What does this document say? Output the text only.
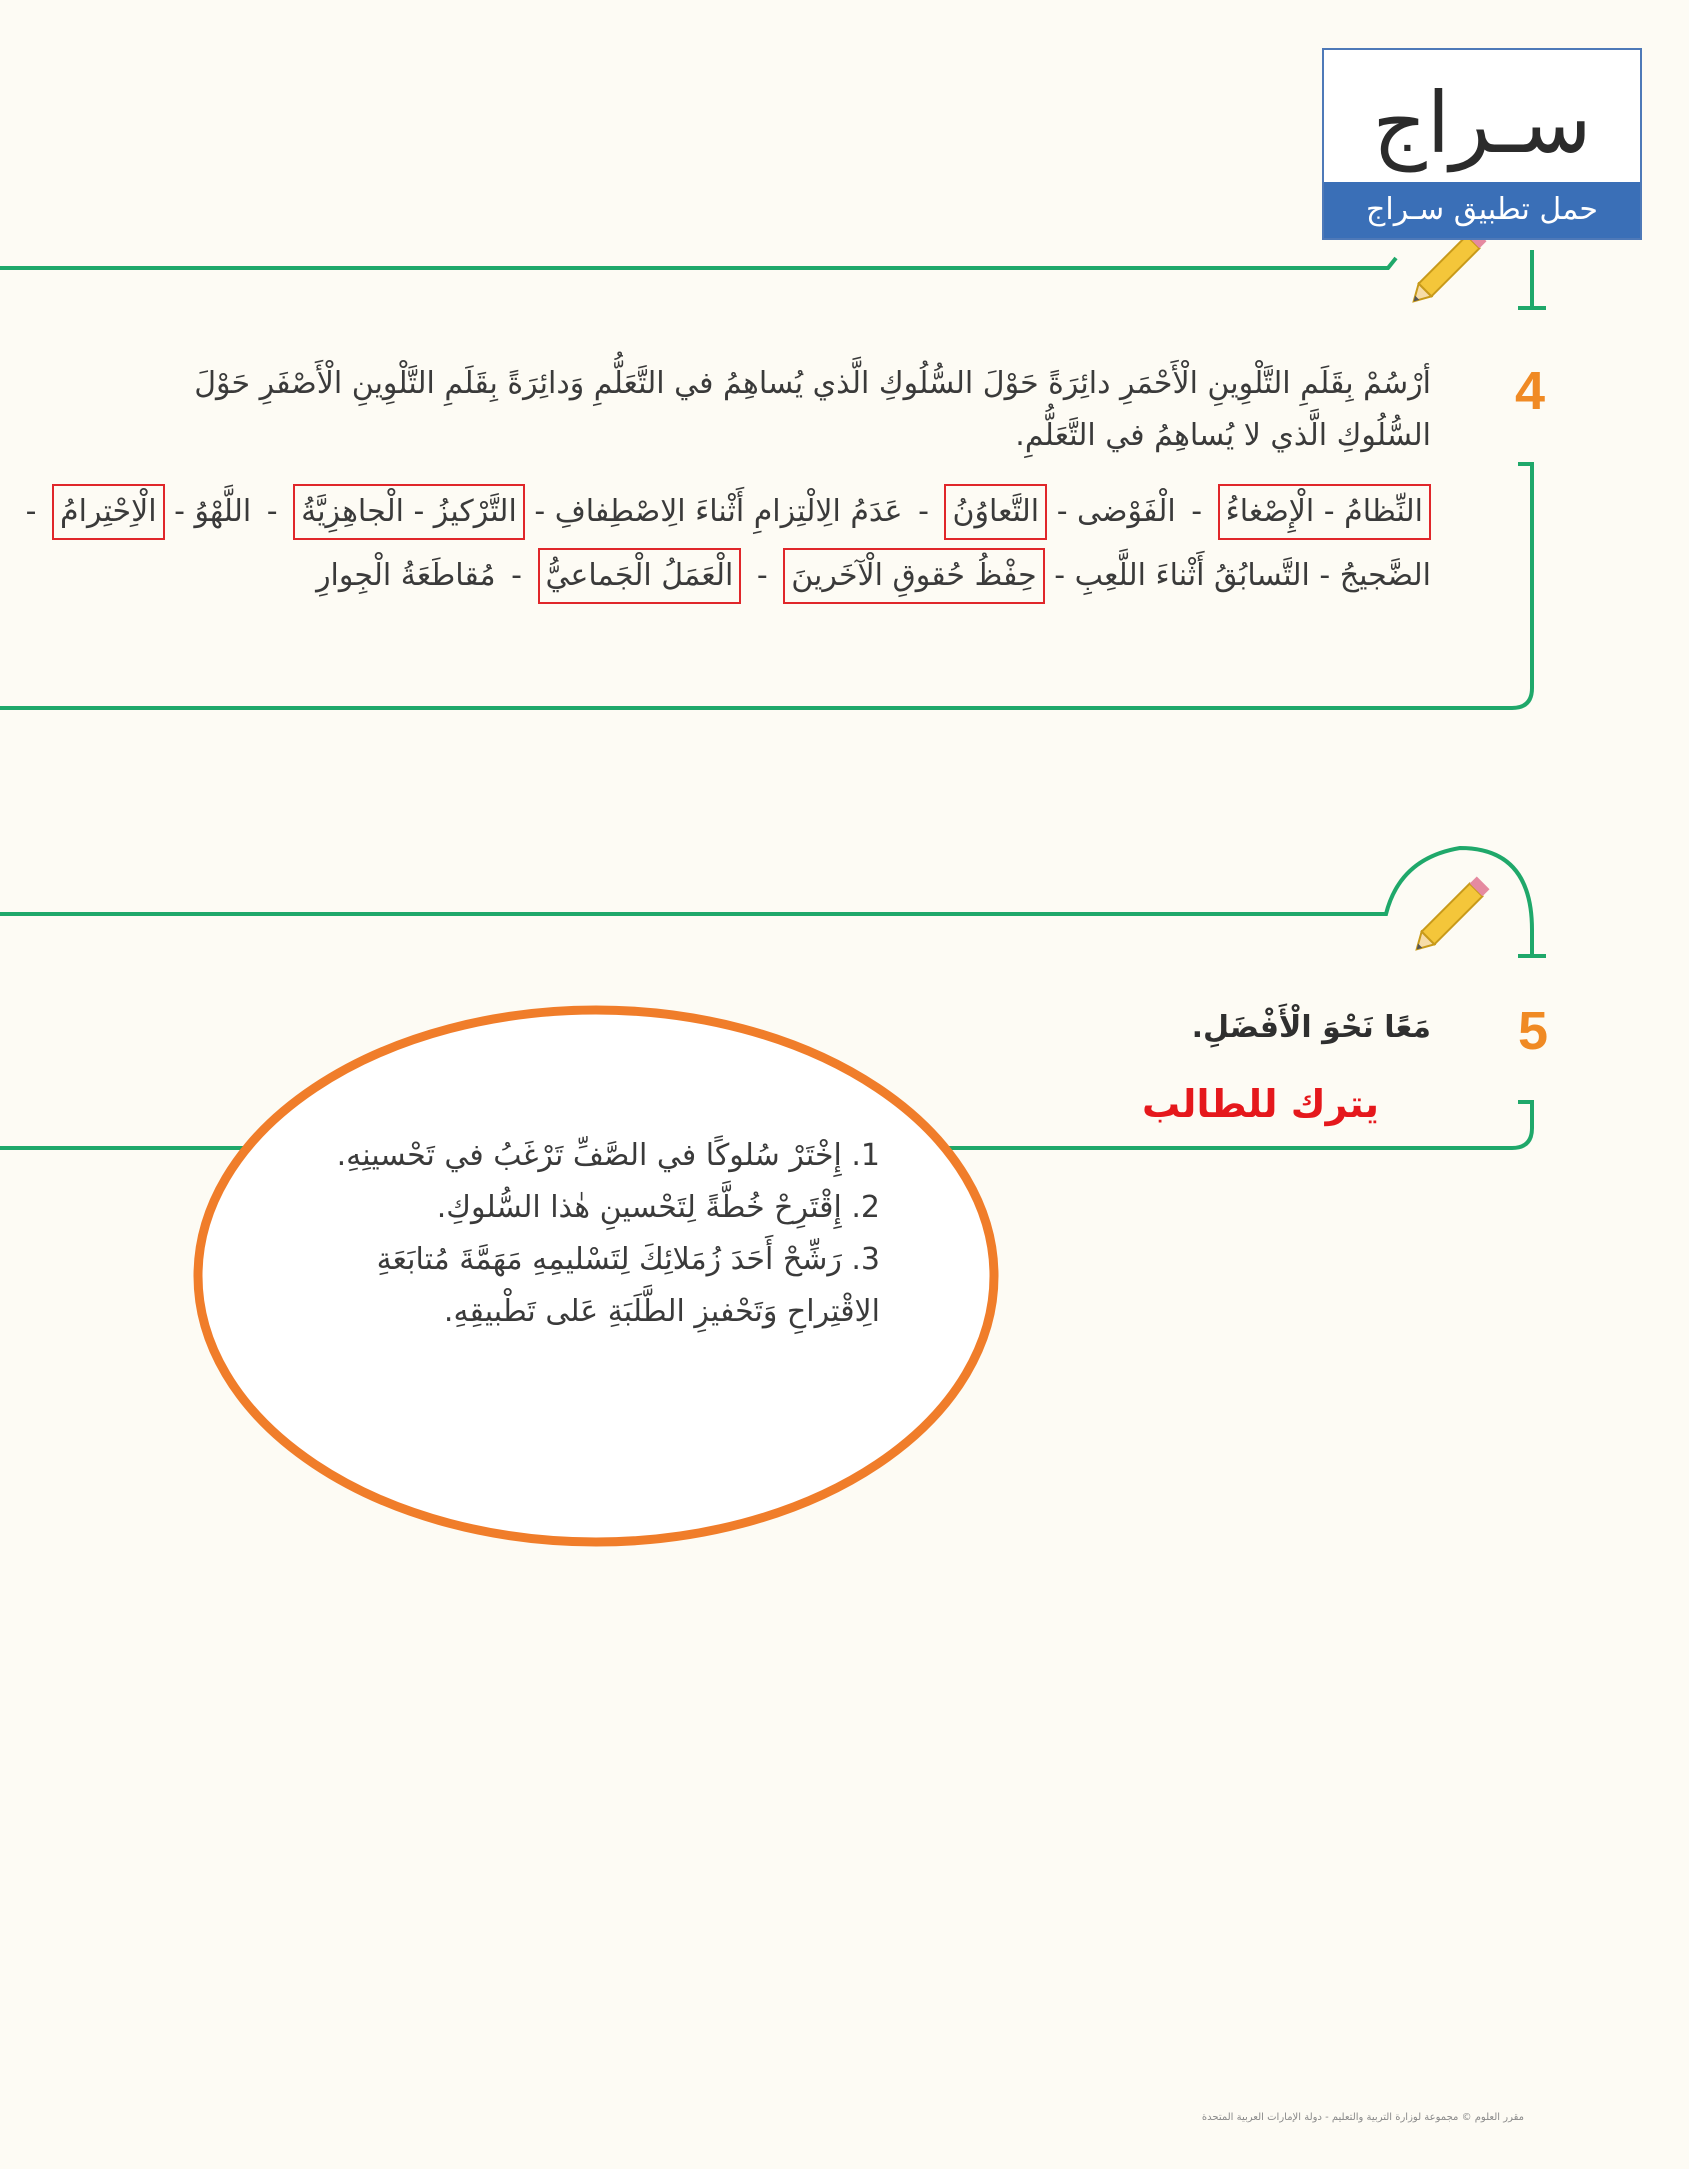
سـراج
حمل تطبيق سـراج
4
أرْسُمْ بِقَلَمِ التَّلْوِينِ الْأَحْمَرِ دائِرَةً حَوْلَ السُّلُوكِ الَّذي يُساهِمُ في التَّعَلُّمِ وَدائِرَةً بِقَلَمِ التَّلْوِينِ الْأَصْفَرِ حَوْلَ السُّلُوكِ الَّذي لا يُساهِمُ في التَّعَلُّمِ.
النِّظامُ - الْإِصْغاءُ - الْفَوْضى - التَّعاوُنُ - عَدَمُ الِالْتِزامِ أَثْناءَ الِاصْطِفافِ - التَّرْكيزُ - الْجاهِزِيَّةُ - اللَّهْوُ - الْاِحْتِرامُ -
الضَّجيجُ - التَّسابُقُ أَثْناءَ اللَّعِبِ - حِفْظُ حُقوقِ الْآخَرينَ - الْعَمَلُ الْجَماعيُّ - مُقاطَعَةُ الْجِوارِ
5
مَعًا نَحْوَ الْأَفْضَلِ.
يترك للطالب
1. إِخْتَرْ سُلوكًا في الصَّفِّ تَرْغَبُ في تَحْسينِهِ.
2. إِقْتَرِحْ خُطَّةً لِتَحْسينِ هٰذا السُّلوكِ.
3. رَشِّحْ أَحَدَ زُمَلائِكَ لِتَسْليمِهِ مَهَمَّةَ مُتابَعَةِ الِاقْتِراحِ وَتَحْفيزِ الطَّلَبَةِ عَلى تَطْبيقِهِ.
مقرر العلوم © مجموعة لوزارة التربية والتعليم - دولة الإمارات العربية المتحدة
